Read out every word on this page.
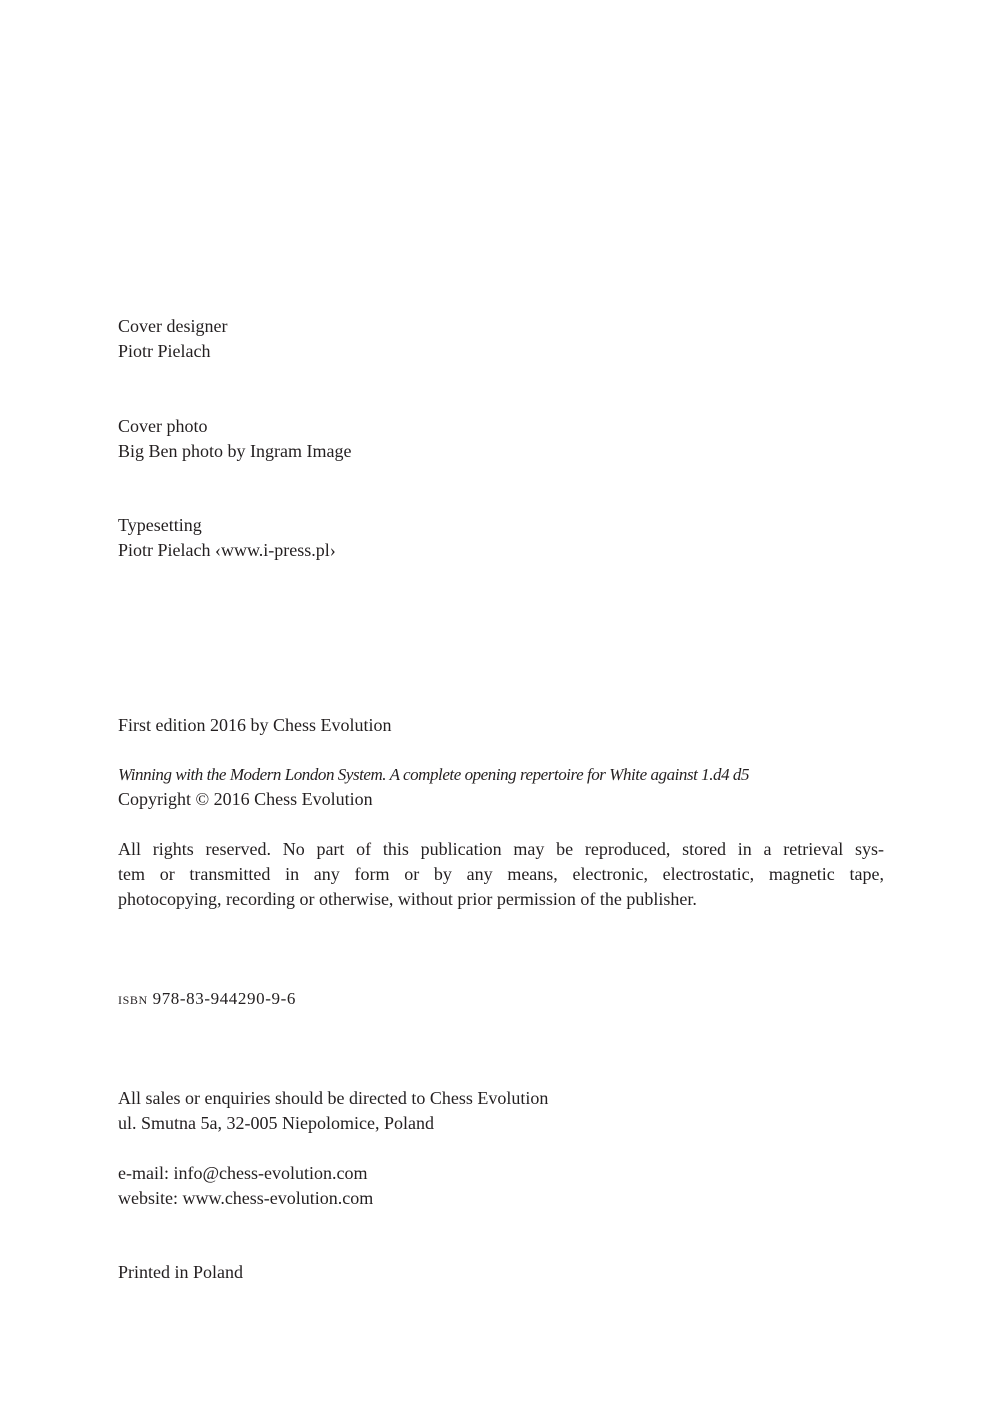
Cover designer
Piotr Pielach
Cover photo
Big Ben photo by Ingram Image
Typesetting
Piotr Pielach ‹www.i-press.pl›
First edition 2016 by Chess Evolution
Winning with the Modern London System. A complete opening repertoire for White against 1.d4 d5
Copyright © 2016 Chess Evolution
All rights reserved. No part of this publication may be reproduced, stored in a retrieval sys-
tem or transmitted in any form or by any means, electronic, electrostatic, magnetic tape,
photocopying, recording or otherwise, without prior permission of the publisher.
isbn 978-83-944290-9-6
All sales or enquiries should be directed to Chess Evolution
ul. Smutna 5a, 32-005 Niepolomice, Poland
e-mail: info@chess-evolution.com
website: www.chess-evolution.com
Printed in Poland
